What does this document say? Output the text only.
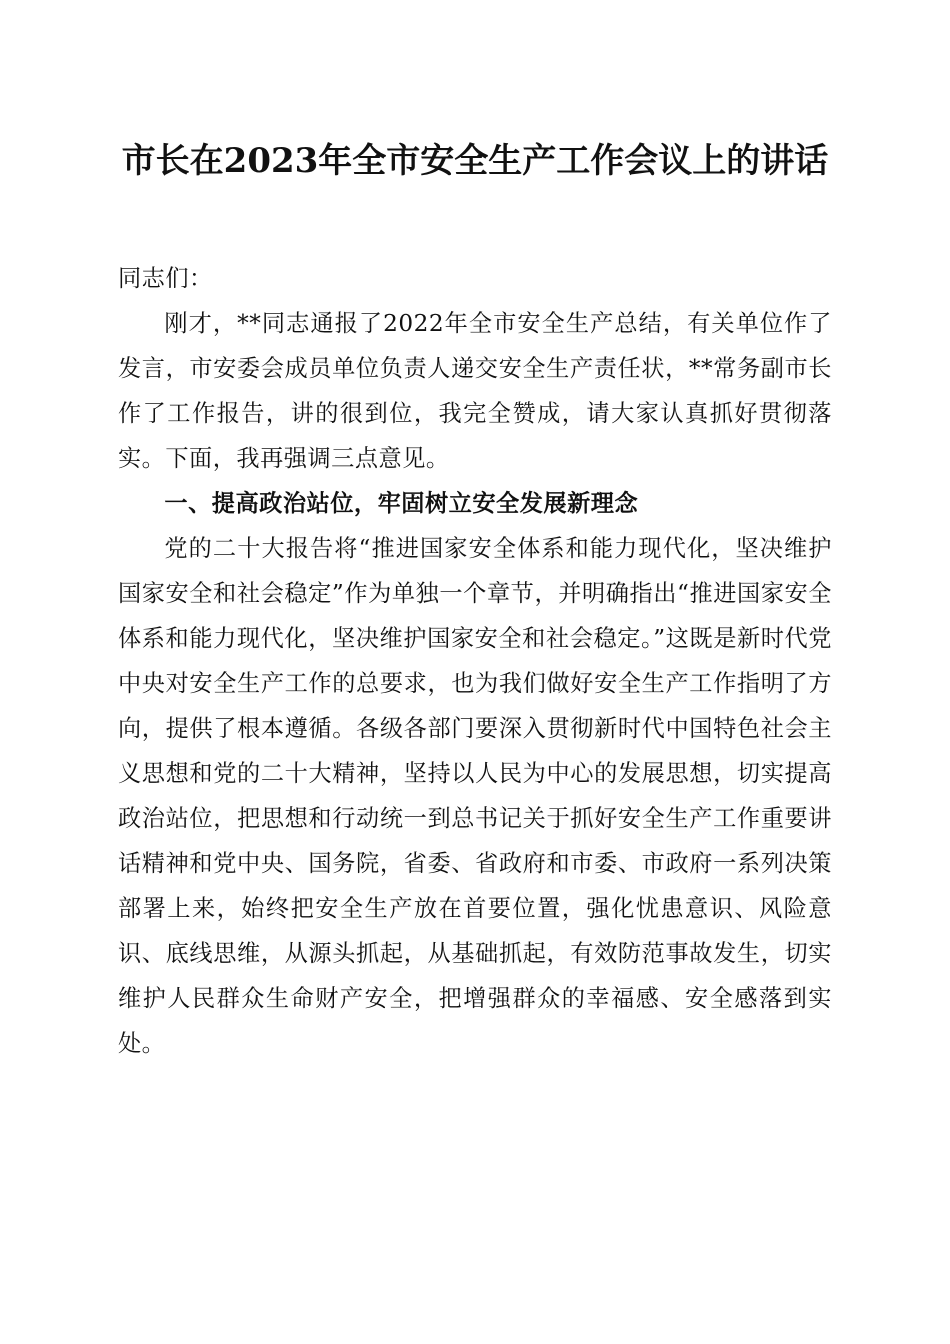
市长在2023年全市安全生产工作会议上的讲话

同志们：

刚才，**同志通报了2022年全市安全生产总结，有关单位作了发言，市安委会成员单位负责人递交安全生产责任状，**常务副市长作了工作报告，讲的很到位，我完全赞成，请大家认真抓好贯彻落实。下面，我再强调三点意见。

一、提高政治站位，牢固树立安全发展新理念

党的二十大报告将“推进国家安全体系和能力现代化，坚决维护国家安全和社会稳定”作为单独一个章节，并明确指出“推进国家安全体系和能力现代化，坚决维护国家安全和社会稳定。”这既是新时代党中央对安全生产工作的总要求，也为我们做好安全生产工作指明了方向，提供了根本遵循。各级各部门要深入贯彻新时代中国特色社会主义思想和党的二十大精神，坚持以人民为中心的发展思想，切实提高政治站位，把思想和行动统一到总书记关于抓好安全生产工作重要讲话精神和党中央、国务院，省委、省政府和市委、市政府一系列决策部署上来，始终把安全生产放在首要位置，强化忧患意识、风险意识、底线思维，从源头抓起，从基础抓起，有效防范事故发生，切实维护人民群众生命财产安全，把增强群众的幸福感、安全感落到实处。
